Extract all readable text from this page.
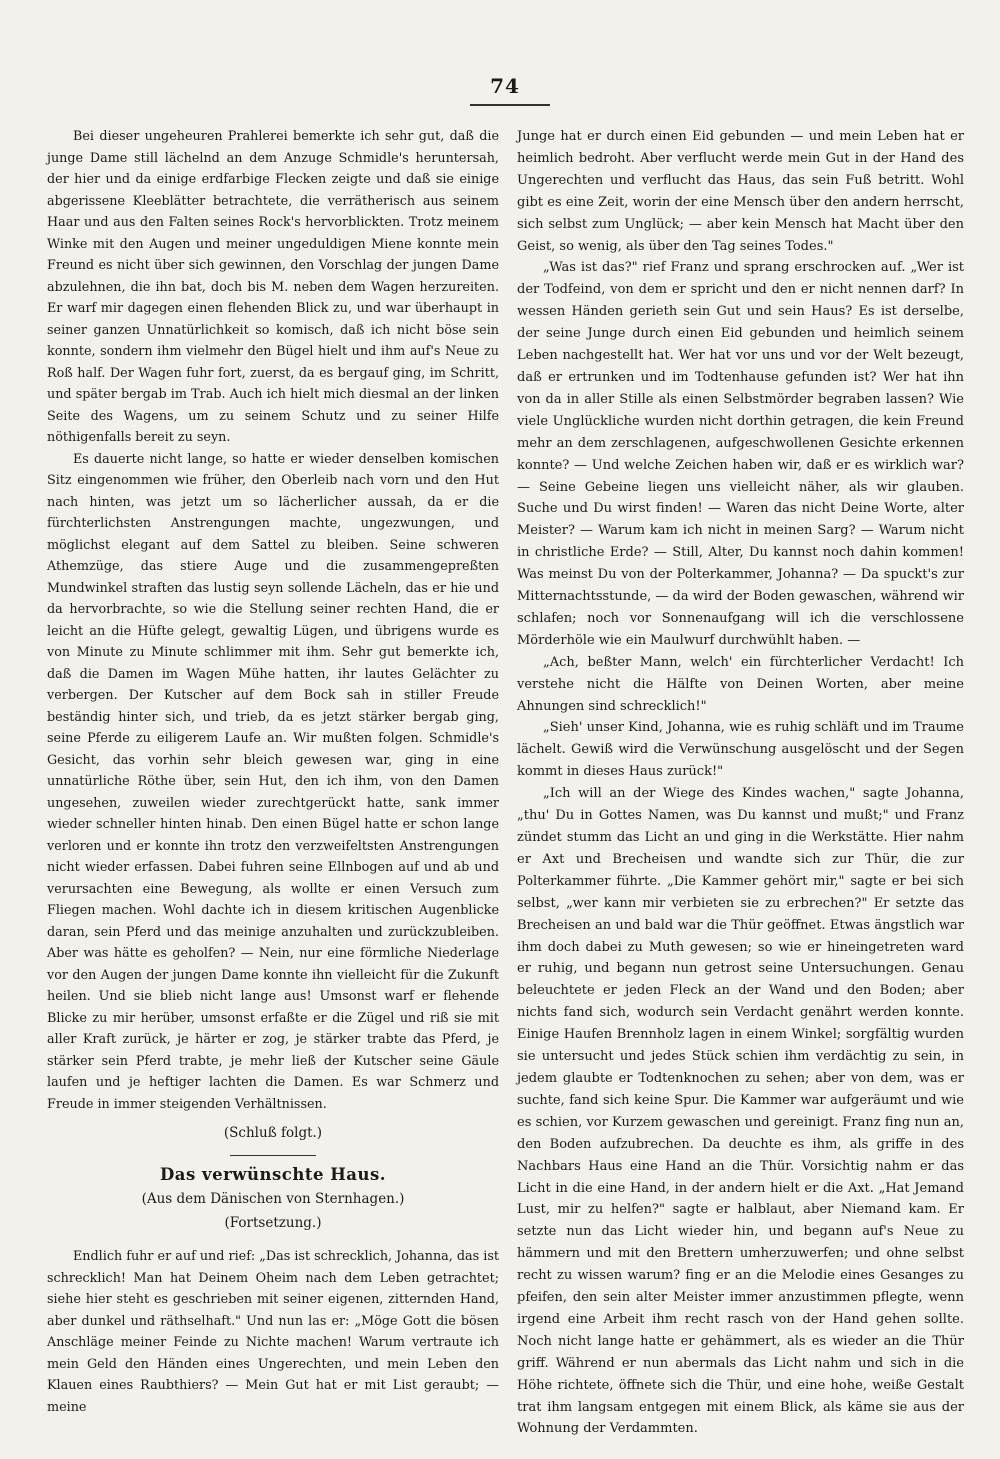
74

Bei dieser ungeheuren Prahlerei bemerkte ich sehr gut, daß die junge Dame still lächelnd an dem Anzuge Schmidle's heruntersah, der hier und da einige erdfarbige Flecken zeigte und daß sie einige abgerissene Kleeblätter betrachtete, die verrätherisch aus seinem Haar und aus den Falten seines Rock's hervorblickten. Trotz meinem Winke mit den Augen und meiner ungeduldigen Miene konnte mein Freund es nicht über sich gewinnen, den Vorschlag der jungen Dame abzulehnen, die ihn bat, doch bis M. neben dem Wagen herzureiten. Er warf mir dagegen einen flehenden Blick zu, und war überhaupt in seiner ganzen Unnatürlichkeit so komisch, daß ich nicht böse sein konnte, sondern ihm vielmehr den Bügel hielt und ihm auf's Neue zu Roß half. Der Wagen fuhr fort, zuerst, da es bergauf ging, im Schritt, und später bergab im Trab. Auch ich hielt mich diesmal an der linken Seite des Wagens, um zu seinem Schutz und zu seiner Hilfe nöthigenfalls bereit zu seyn.

Es dauerte nicht lange, so hatte er wieder denselben komischen Sitz eingenommen wie früher, den Oberleib nach vorn und den Hut nach hinten, was jetzt um so lächerlicher aussah, da er die fürchterlichsten Anstrengungen machte, ungezwungen, und möglichst elegant auf dem Sattel zu bleiben. Seine schweren Athemzüge, das stiere Auge und die zusammengepreßten Mundwinkel straften das lustig seyn sollende Lächeln, das er hie und da hervorbrachte, so wie die Stellung seiner rechten Hand, die er leicht an die Hüfte gelegt, gewaltig Lügen, und übrigens wurde es von Minute zu Minute schlimmer mit ihm. Sehr gut bemerkte ich, daß die Damen im Wagen Mühe hatten, ihr lautes Gelächter zu verbergen. Der Kutscher auf dem Bock sah in stiller Freude beständig hinter sich, und trieb, da es jetzt stärker bergab ging, seine Pferde zu eiligerem Laufe an. Wir mußten folgen. Schmidle's Gesicht, das vorhin sehr bleich gewesen war, ging in eine unnatürliche Röthe über, sein Hut, den ich ihm, von den Damen ungesehen, zuweilen wieder zurechtgerückt hatte, sank immer wieder schneller hinten hinab. Den einen Bügel hatte er schon lange verloren und er konnte ihn trotz den verzweifeltsten Anstrengungen nicht wieder erfassen. Dabei fuhren seine Ellnbogen auf und ab und verursachten eine Bewegung, als wollte er einen Versuch zum Fliegen machen. Wohl dachte ich in diesem kritischen Augenblicke daran, sein Pferd und das meinige anzuhalten und zurückzubleiben. Aber was hätte es geholfen? — Nein, nur eine förmliche Niederlage vor den Augen der jungen Dame konnte ihn vielleicht für die Zukunft heilen. Und sie blieb nicht lange aus! Umsonst warf er flehende Blicke zu mir herüber, umsonst erfaßte er die Zügel und riß sie mit aller Kraft zurück, je härter er zog, je stärker trabte das Pferd, je stärker sein Pferd trabte, je mehr ließ der Kutscher seine Gäule laufen und je heftiger lachten die Damen. Es war Schmerz und Freude in immer steigenden Verhältnissen.

(Schluß folgt.)

Das verwünschte Haus.

(Aus dem Dänischen von Sternhagen.)

(Fortsetzung.)

Endlich fuhr er auf und rief: „Das ist schrecklich, Johanna, das ist schrecklich! Man hat Deinem Oheim nach dem Leben getrachtet; siehe hier steht es geschrieben mit seiner eigenen, zitternden Hand, aber dunkel und räthselhaft." Und nun las er: „Möge Gott die bösen Anschläge meiner Feinde zu Nichte machen! Warum vertraute ich mein Geld den Händen eines Ungerechten, und mein Leben den Klauen eines Raubthiers? — Mein Gut hat er mit List geraubt; — meine

Junge hat er durch einen Eid gebunden — und mein Leben hat er heimlich bedroht. Aber verflucht werde mein Gut in der Hand des Ungerechten und verflucht das Haus, das sein Fuß betritt. Wohl gibt es eine Zeit, worin der eine Mensch über den andern herrscht, sich selbst zum Unglück; — aber kein Mensch hat Macht über den Geist, so wenig, als über den Tag seines Todes."

„Was ist das?" rief Franz und sprang erschrocken auf. „Wer ist der Todfeind, von dem er spricht und den er nicht nennen darf? In wessen Händen gerieth sein Gut und sein Haus? Es ist derselbe, der seine Junge durch einen Eid gebunden und heimlich seinem Leben nachgestellt hat. Wer hat vor uns und vor der Welt bezeugt, daß er ertrunken und im Todtenhause gefunden ist? Wer hat ihn von da in aller Stille als einen Selbstmörder begraben lassen? Wie viele Unglückliche wurden nicht dorthin getragen, die kein Freund mehr an dem zerschlagenen, aufgeschwollenen Gesichte erkennen konnte? — Und welche Zeichen haben wir, daß er es wirklich war? — Seine Gebeine liegen uns vielleicht näher, als wir glauben. Suche und Du wirst finden! — Waren das nicht Deine Worte, alter Meister? — Warum kam ich nicht in meinen Sarg? — Warum nicht in christliche Erde? — Still, Alter, Du kannst noch dahin kommen! Was meinst Du von der Polterkammer, Johanna? — Da spuckt's zur Mitternachtsstunde, — da wird der Boden gewaschen, während wir schlafen; noch vor Sonnenaufgang will ich die verschlossene Mörderhöle wie ein Maulwurf durchwühlt haben. —

„Ach, beßter Mann, welch' ein fürchterlicher Verdacht! Ich verstehe nicht die Hälfte von Deinen Worten, aber meine Ahnungen sind schrecklich!"

„Sieh' unser Kind, Johanna, wie es ruhig schläft und im Traume lächelt. Gewiß wird die Verwünschung ausgelöscht und der Segen kommt in dieses Haus zurück!"

„Ich will an der Wiege des Kindes wachen," sagte Johanna, „thu' Du in Gottes Namen, was Du kannst und mußt;" und Franz zündet stumm das Licht an und ging in die Werkstätte. Hier nahm er Axt und Brecheisen und wandte sich zur Thür, die zur Polterkammer führte. „Die Kammer gehört mir," sagte er bei sich selbst, „wer kann mir verbieten sie zu erbrechen?" Er setzte das Brecheisen an und bald war die Thür geöffnet. Etwas ängstlich war ihm doch dabei zu Muth gewesen; so wie er hineingetreten ward er ruhig, und begann nun getrost seine Untersuchungen. Genau beleuchtete er jeden Fleck an der Wand und den Boden; aber nichts fand sich, wodurch sein Verdacht genährt werden konnte. Einige Haufen Brennholz lagen in einem Winkel; sorgfältig wurden sie untersucht und jedes Stück schien ihm verdächtig zu sein, in jedem glaubte er Todtenknochen zu sehen; aber von dem, was er suchte, fand sich keine Spur. Die Kammer war aufgeräumt und wie es schien, vor Kurzem gewaschen und gereinigt. Franz fing nun an, den Boden aufzubrechen. Da deuchte es ihm, als griffe in des Nachbars Haus eine Hand an die Thür. Vorsichtig nahm er das Licht in die eine Hand, in der andern hielt er die Axt. „Hat Jemand Lust, mir zu helfen?" sagte er halblaut, aber Niemand kam. Er setzte nun das Licht wieder hin, und begann auf's Neue zu hämmern und mit den Brettern umherzuwerfen; und ohne selbst recht zu wissen warum? fing er an die Melodie eines Gesanges zu pfeifen, den sein alter Meister immer anzustimmen pflegte, wenn irgend eine Arbeit ihm recht rasch von der Hand gehen sollte. Noch nicht lange hatte er gehämmert, als es wieder an die Thür griff. Während er nun abermals das Licht nahm und sich in die Höhe richtete, öffnete sich die Thür, und eine hohe, weiße Gestalt trat ihm langsam entgegen mit einem Blick, als käme sie aus der Wohnung der Verdammten.
